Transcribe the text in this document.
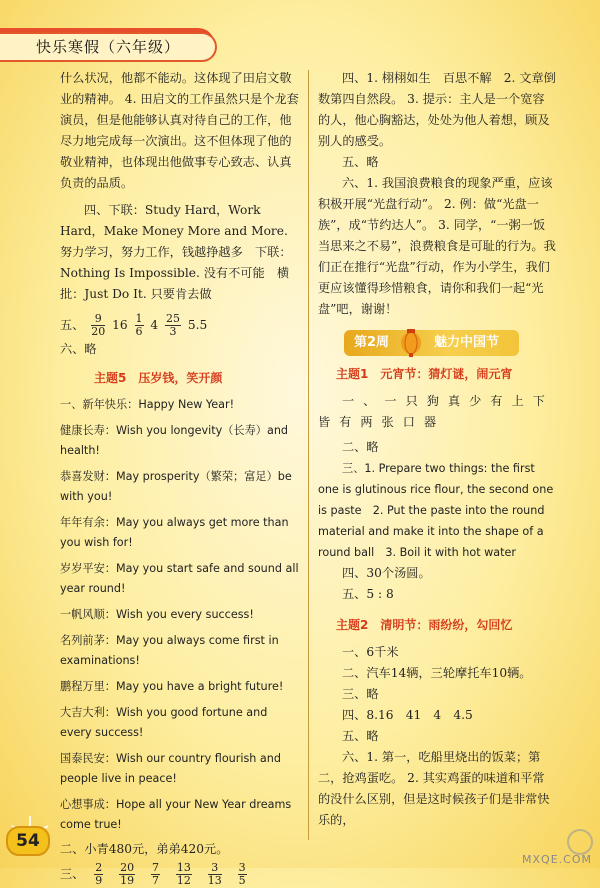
快乐寒假（六年级）

什么状况，他都不能动。这体现了田启文敬业的精神。 4. 田启文的工作虽然只是个龙套演员，但是他能够认真对待自己的工作，他尽力地完成每一次演出。这不但体现了他的敬业精神，也体现出他做事专心致志、认真负责的品质。

四、下联：Study Hard，Work Hard，Make Money More and More. 努力学习，努力工作，钱越挣越多　下联：Nothing Is Impossible. 没有不可能　横批：Just Do It. 只要肯去做

五、 $\frac{9}{20} 16 \frac{1}{6} 4 \frac{25}{3} 5.5$

六、略

主题5　压岁钱，笑开颜

一、新年快乐：Happy New Year!

健康长寿：Wish you longevity（长寿）and health!

恭喜发财：May prosperity（繁荣；富足）be with you!

年年有余：May you always get more than you wish for!

岁岁平安：May you start safe and sound all year round!

一帆风顺：Wish you every success!

名列前茅：May you always come first in examinations!

鹏程万里：May you have a bright future!

大吉大利：Wish you good fortune and every success!

国泰民安：Wish our country flourish and people live in peace!

心想事成：Hope all your New Year dreams come true!

二、小青480元，弟弟420元。

三、 $\frac{2}{9}$
$\frac{20}{19}$
$\frac{7}{7}$
$\frac{13}{12}$
$\frac{3}{13}$
$\frac{3}{5}$

四、1. 栩栩如生　百思不解　2. 文章倒数第四自然段。 3. 提示：主人是一个宽容的人，他心胸豁达，处处为他人着想，顾及别人的感受。

五、略

六、1. 我国浪费粮食的现象严重，应该积极开展“光盘行动”。 2. 例：做“光盘一族”，成“节约达人”。 3. 同学，“一粥一饭当思来之不易”，浪费粮食是可耻的行为。我们正在推行“光盘”行动，作为小学生，我们更应该懂得珍惜粮食，请你和我们一起“光盘”吧，谢谢！

第2周	魅力中国节
主题1　元宵节：猜灯谜，闹元宵

一、一只狗真少有上下皆有两张口器

二、略

三、1. Prepare two things: the first one is glutinous rice flour, the second one is paste　2. Put the paste into the round material and make it into the shape of a round ball　3. Boil it with hot water

四、30个汤圆。

五、5 : 8

主题2　清明节：雨纷纷，勾回忆

一、6千米

二、汽车14辆，三轮摩托车10辆。

三、略

四、8.16　41　4　4.5

五、略

六、1. 第一，吃船里烧出的饭菜；第二，抢鸡蛋吃。 2. 其实鸡蛋的味道和平常的没什么区别，但是这时候孩子们是非常快乐的，

54
MXQE.COM
